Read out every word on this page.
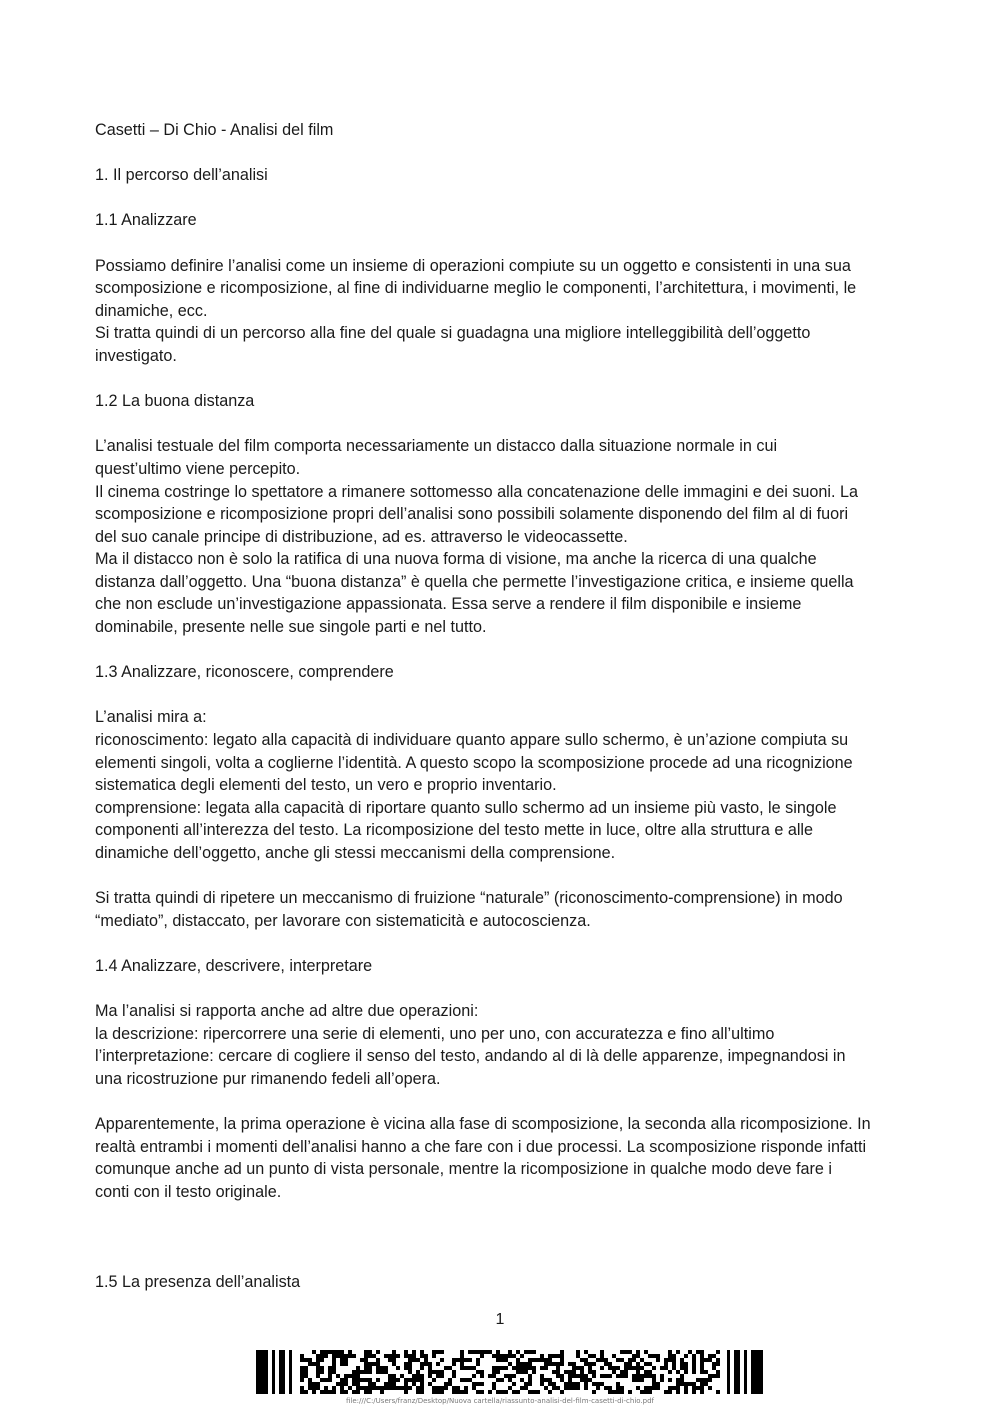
Casetti – Di Chio - Analisi del film
1. Il percorso dell’analisi
1.1 Analizzare
Possiamo definire l’analisi come un insieme di operazioni compiute su un oggetto e consistenti in una sua
scomposizione e ricomposizione, al fine di individuarne meglio le componenti, l’architettura, i movimenti, le
dinamiche, ecc.
Si tratta quindi di un percorso alla fine del quale si guadagna una migliore intelleggibilità dell’oggetto
investigato.
1.2 La buona distanza
L’analisi testuale del film comporta necessariamente un distacco dalla situazione normale in cui
quest’ultimo viene percepito.
Il cinema costringe lo spettatore a rimanere sottomesso alla concatenazione delle immagini e dei suoni. La
scomposizione e ricomposizione propri dell’analisi sono possibili solamente disponendo del film al di fuori
del suo canale principe di distribuzione, ad es. attraverso le videocassette.
Ma il distacco non è solo la ratifica di una nuova forma di visione, ma anche la ricerca di una qualche
distanza dall’oggetto. Una “buona distanza” è quella che permette l’investigazione critica, e insieme quella
che non esclude un’investigazione appassionata. Essa serve a rendere il film disponibile e insieme
dominabile, presente nelle sue singole parti e nel tutto.
1.3 Analizzare, riconoscere, comprendere
L’analisi mira a:
riconoscimento: legato alla capacità di individuare quanto appare sullo schermo, è un’azione compiuta su
elementi singoli, volta a coglierne l’identità. A questo scopo la scomposizione procede ad una ricognizione
sistematica degli elementi del testo, un vero e proprio inventario.
comprensione: legata alla capacità di riportare quanto sullo schermo ad un insieme più vasto, le singole
componenti all’interezza del testo. La ricomposizione del testo mette in luce, oltre alla struttura e alle
dinamiche dell’oggetto, anche gli stessi meccanismi della comprensione.
Si tratta quindi di ripetere un meccanismo di fruizione “naturale” (riconoscimento-comprensione) in modo
“mediato”, distaccato, per lavorare con sistematicità e autocoscienza.
1.4 Analizzare, descrivere, interpretare
Ma l’analisi si rapporta anche ad altre due operazioni:
la descrizione: ripercorrere una serie di elementi, uno per uno, con accuratezza e fino all’ultimo
l’interpretazione: cercare di cogliere il senso del testo, andando al di là delle apparenze, impegnandosi in
una ricostruzione pur rimanendo fedeli all’opera.
Apparentemente, la prima operazione è vicina alla fase di scomposizione, la seconda alla ricomposizione. In
realtà entrambi i momenti dell’analisi hanno a che fare con i due processi. La scomposizione risponde infatti
comunque anche ad un punto di vista personale, mentre la ricomposizione in qualche modo deve fare i
conti con il testo originale.
1.5 La presenza dell’analista
1
file:///C:/Users/franz/Desktop/Nuova cartella/riassunto-analisi-del-film-casetti-di-chio.pdf
